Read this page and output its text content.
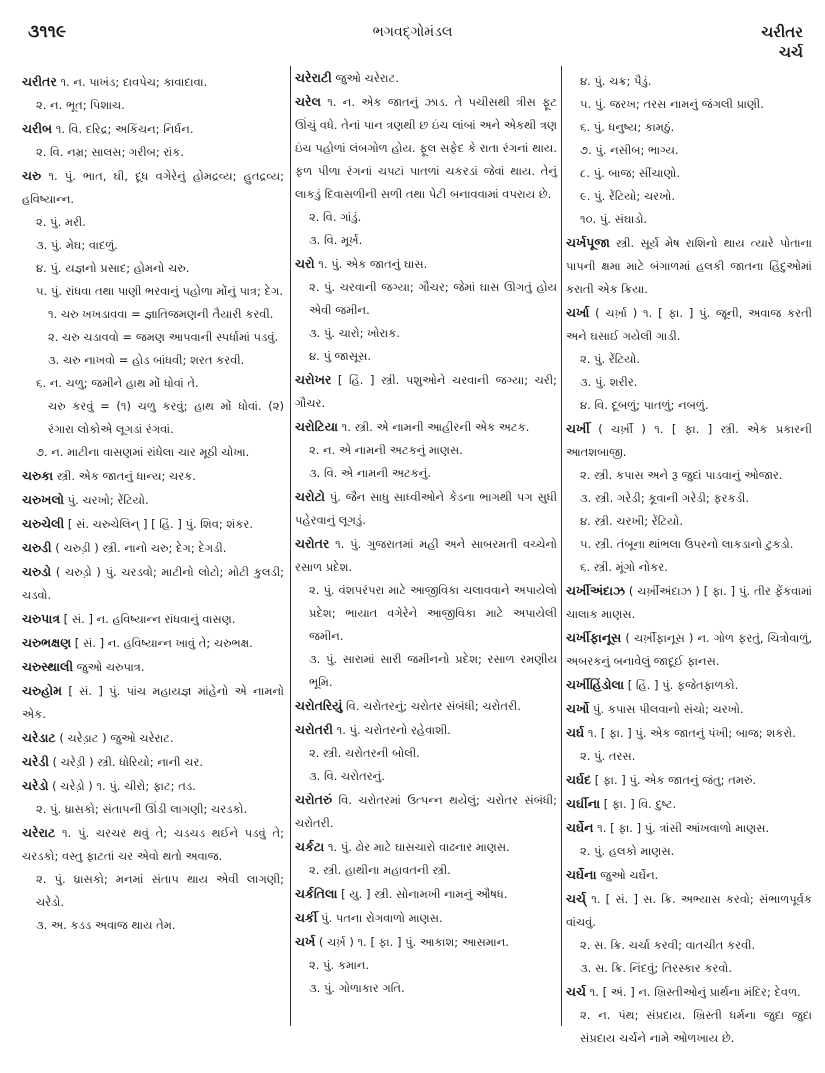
૩૧૧૯	ભગવદ્ગોમંડલ	ચરીતર
ચર્ચ
ચરીતર ૧. ન. પાખંડ; દાવપેચ; કાવાદાવા.
૨. ન. ભૂત; પિશાચ.
ચરીબ ૧. વિ. દરિદ્ર; અકિંચન; નિર્ધન.
૨. વિ. નમ્ર; સાલસ; ગરીબ; રાંક.
ચરુ ૧. પું. ભાત, ઘી, દૂધ વગેરેનું હોમદ્રવ્ય; હુતદ્રવ્ય; હવિષ્યાન્ન.
૨. પું. મરી.
૩. પું. મેઘ; વાદળું.
૪. પું. યજ્ઞનો પ્રસાદ; હોમનો ચરુ.
૫. પું. રાંધવા તથા પાણી ભરવાનું પહોળા મોંનું પાત્ર; દેગ.
૧. ચરુ ખખડાવવા = જ્ઞાતિજમણની તૈયારી કરવી.
૨. ચરુ ચડાવવો = જમણ આપવાની સ્પર્ધામાં પડવું.
૩. ચરુ નાખવો = હોડ બાંધવી; શરત કરવી.
૬. ન. ચળુ; જમીને હાથ મોં ધોવાં તે.
ચરુ કરવું = (૧) ચળુ કરવું; હાથ મોં ધોવાં. (૨) રંગારા લોકોએ લૂગડાં રંગવાં.
૭. ન. માટીના વાસણમાં રાંધેલા ચાર મૂઠી ચોખા.
ચરુકા સ્ત્રી. એક જાતનું ધાન્ય; ચરક.
ચરુખલો પું. ચરખો; રેંટિયો.
ચરુચેલી [ સં. ચરુચેલિન્ ] [ હિં. ] પું. શિવ; શંકર.
ચરુડી ( ચરુડ઼ી ) સ્ત્રી. નાનો ચરુ; દેગ; દેગડી.
ચરુડો ( ચરુડ઼ો ) પું. ચરડવો; માટીનો લોટો; મોટી કુલડી; ચડવો.
ચરુપાત્ર [ સં. ] ન. હવિષ્યાન્ન રાંધવાનું વાસણ.
ચરુભક્ષણ [ સં. ] ન. હવિષ્યાન્ન ખાવું તે; ચરુભક્ષ.
ચરુસ્થાલી જુઓ ચરુપાત્ર.
ચરુહોમ [ સં. ] પું. પાંચ મહાયજ્ઞ માંહેનો એ નામનો એક.
ચરેડાટ ( ચરેડ઼ાટ ) જુઓ ચરેરાટ.
ચરેડી ( ચરેડ઼ી ) સ્ત્રી. ધોરિયો; નાની ચર.
ચરેડો ( ચરેડ઼ો ) ૧. પું. ચીરો; ફાટ; તડ.
૨. પું. ધ્રાસકો; સંતાપની ઊંડી લાગણી; ચરડકો.
ચરેરાટ ૧. પું. ચરચર થવું તે; ચડચડ થઈને પડવું તે; ચરડકો; વસ્તુ ફાટતાં ચર એવો થતો અવાજ.
૨. પું. ધ્રાસકો; મનમાં સંતાપ થાય એવી લાગણી; ચરેડો.
૩. અ. કડડ અવાજ થાય તેમ.
ચરેરાટી જુઓ ચરેરાટ.
ચરેલ ૧. ન. એક જાતનું ઝાડ. તે પચીસથી ત્રીસ ફૂટ ઊંચું વધે. તેનાં પાન ત્રણથી છ ઇંચ લાંબાં અને એકથી ત્રણ ઇંચ પહોળાં લંબગોળ હોય. ફૂલ સફેદ કે રાતા રંગનાં થાય. ફળ પીળા રંગનાં ચપટાં પાતળાં ચકરડાં જેવાં થાય. તેનું લાકડું દિવાસળીની સળી તથા પેટી બનાવવામાં વપરાય છે.
૨. વિ. ગાંડું.
૩. વિ. મૂર્ખ.
ચરો ૧. પું. એક જાતનું ઘાસ.
૨. પું. ચરવાની જગ્યા; ગૌચર; જેમાં ઘાસ ઊગતું હોય એવી જમીન.
૩. પું. ચારો; ખોરાક.
૪. પું જાસૂસ.
ચરોખર [ હિં. ] સ્ત્રી. પશુઓને ચરવાની જગ્યા; ચરી; ગૌચર.
ચરોટિયા ૧. સ્ત્રી. એ નામની આહીરની એક અટક.
૨. ન. એ નામની અટકનું માણસ.
૩. વિ. એ નામની અટકનું.
ચરોટો પું. જૈન સાધુ સાધ્વીઓને કેડના ભાગથી પગ સુધી પહેરવાનું લૂગડું.
ચરોતર ૧. પું. ગુજરાતમાં મહી અને સાબરમતી વચ્ચેનો રસાળ પ્રદેશ.
૨. પું. વંશપરંપરા માટે આજીવિકા ચલાવવાને અપાયેલો પ્રદેશ; ભાયાત વગેરેને આજીવિકા માટે અપાયેલી જમીન.
૩. પું. સારામાં સારી જમીનનો પ્રદેશ; રસાળ રમણીય ભૂમિ.
ચરોતરિયું વિ. ચરોતરનું; ચરોતર સંબંધી; ચરોતરી.
ચરોતરી ૧. પું. ચરોતરનો રહેવાશી.
૨. સ્ત્રી. ચરોતરની બોલી.
૩. વિ. ચરોતરનું.
ચરોતરું વિ. ચરોતરમાં ઉત્પન્ન થયેલું; ચરોતર સંબંધી; ચરોતરી.
ચર્કટા ૧. પું. ઢોર માટે ઘાસચારો વાઢનાર માણસ.
૨. સ્ત્રી. હાથીના મહાવતની સ્ત્રી.
ચર્કતિલા [ યુ. ] સ્ત્રી. સોનામખી નામનું ઔષધ.
ચર્કી પું. પતના રોગવાળો માણસ.
ચર્ખ ( ચર્ખ઼ ) ૧. [ ફા. ] પું. આકાશ; આસમાન.
૨. પું. કમાન.
૩. પું. ગોળાકાર ગતિ.
૪. પું. ચક્ર; પૈડું.
૫. પું. જરખ; તરસ નામનું જંગલી પ્રાણી.
૬. પું. ધનુષ્ય; કામઠું.
૭. પું. નસીબ; ભાગ્ય.
૮. પું. બાજ; સીંચાણો.
૯. પું. રેંટિયો; ચરખો.
૧૦. પું. સંઘાડો.
ચર્ખપૂજા સ્ત્રી. સૂર્ય મેષ રાશિનો થાય ત્યારે પોતાના પાપની ક્ષમા માટે બંગાળમાં હલકી જાતના હિંદુઓમાં કરાતી એક ક્રિયા.
ચર્ખા ( ચર્ખ઼ા ) ૧. [ ફા. ] પું. જૂની, અવાજ કરતી અને ઘસાઈ ગયેલી ગાડી.
૨. પું. રેંટિયો.
૩. પું. શરીર.
૪. વિ. દૂબળું; પાતળું; નબળું.
ચર્ખી ( ચર્ખ઼ી ) ૧. [ ફા. ] સ્ત્રી. એક પ્રકારની આતશબાજી.
૨. સ્ત્રી. કપાસ અને રૂ જુદાં પાડવાનું ઓજાર.
૩. સ્ત્રી. ગરેડી; કૂવાની ગરેડી; ફરકડી.
૪. સ્ત્રી. ચરખી; રેંટિયો.
૫. સ્ત્રી. તંબૂના થાંભલા ઉપરનો લાકડાનો ટુકડો.
૬. સ્ત્રી. મૂંગો નોકર.
ચર્ખીઅંદાઝ ( ચર્ખ઼ીઅંદાઝ ) [ ફા. ] પું. તીર ફેંકવામાં ચાલાક માણસ.
ચર્ખીફાનૂસ ( ચર્ખ઼ીફાનૂસ ) ન. ગોળ ફરતું, ચિત્રોવાળું, અબરકનું બનાવેલું જાદૂઈ ફાનસ.
ચર્ખીહિંડોલા [ હિં. ] પું. ફજેતફાળકો.
ચર્ખો પું. કપાસ પીલવાનો સંચો; ચરખો.
ચર્ઘ ૧. [ ફા. ] પું. એક જાતનું પંખી; બાજ; શકરો.
૨. પું. તરસ.
ચર્ઘદ [ ફા. ] પું. એક જાતનું જંતુ; તમરું.
ચર્ઘીના [ ફા. ] વિ. દુષ્ટ.
ચર્ઘેન ૧. [ ફા. ] પું. ત્રાંસી આંખવાળો માણસ.
૨. પું. હલકો માણસ.
ચર્ઘેના જુઓ ચર્ઘેન.
ચર્ચ્ ૧. [ સં. ] સ. ક્રિ. અભ્યાસ કરવો; સંભાળપૂર્વક વાંચવું.
૨. સ. ક્રિ. ચર્ચા કરવી; વાતચીત કરવી.
૩. સ. ક્રિ. નિંદવું; તિરસ્કાર કરવો.
ચર્ચ ૧. [ અં. ] ન. ખ્રિસ્તીઓનું પ્રાર્થના મંદિર; દેવળ.
૨. ન. પંથ; સંપ્રદાય. ખ્રિસ્તી ધર્મના જુદા જુદા સંપ્રદાય ચર્ચને નામે ઓળખાય છે.
